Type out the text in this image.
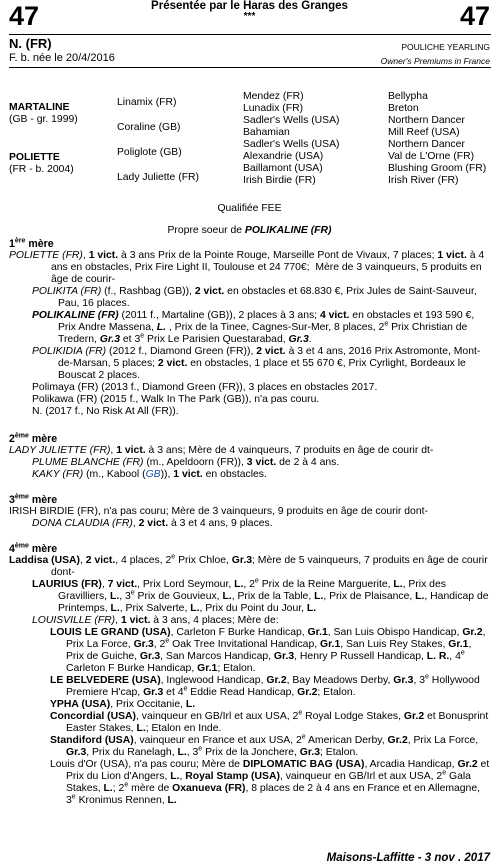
47	47
Présentée par le Haras des Granges
***
N. (FR)
F. b. née le 20/4/2016
POULICHE YEARLING
Owner's Premiums in France
MARTALINE
(GB - gr. 1999)
POLIETTE
(FR - b. 2004)
Linamix (FR)
Coraline (GB)
Poliglote (GB)
Lady Juliette (FR)
Mendez (FR)
Lunadix (FR)
Sadler's Wells (USA)
Bahamian
Sadler's Wells (USA)
Alexandrie (USA)
Baillamont (USA)
Irish Birdie (FR)
Bellypha
Breton
Northern Dancer
Mill Reef (USA)
Northern Dancer
Val de L'Orne (FR)
Blushing Groom (FR)
Irish River (FR)
Qualifiée FEE
Propre soeur de POLIKALINE (FR)

1ère mère

POLIETTE (FR), 1 vict. à 3 ans Prix de la Pointe Rouge, Marseille Pont de Vivaux, 7 places; 1 vict. à 4 ans en obstacles, Prix Fire Light II, Toulouse et 24 770€;  Mère de 3 vainqueurs, 5 produits en âge de courir-

POLIKITA (FR) (f., Rashbag (GB)), 2 vict. en obstacles et 68.830 €, Prix Jules de Saint-Sauveur, Pau, 16 places.

POLIKALINE (FR) (2011 f., Martaline (GB)), 2 places à 3 ans; 4 vict. en obstacles et 193 590 €, Prix Andre Massena, L. , Prix de la Tinee, Cagnes-Sur-Mer, 8 places, 2e Prix Christian de Tredern, Gr.3 et 3e Prix Le Parisien Questarabad, Gr.3.

POLIKIDIA (FR) (2012 f., Diamond Green (FR)), 2 vict. à 3 et 4 ans, 2016 Prix Astromonte, Mont-de-Marsan, 5 places; 2 vict. en obstacles, 1 place et 55 670 €, Prix Cyrlight, Bordeaux le Bouscat 2 places.

Polimaya (FR) (2013 f., Diamond Green (FR)), 3 places en obstacles 2017.

Polikawa (FR) (2015 f., Walk In The Park (GB)), n'a pas couru.

N. (2017 f., No Risk At All (FR)).

2ème mère

LADY JULIETTE (FR), 1 vict. à 3 ans; Mère de 4 vainqueurs, 7 produits en âge de courir dt-

PLUME BLANCHE (FR) (m., Apeldoorn (FR)), 3 vict. de 2 à 4 ans.

KAKY (FR) (m., Kabool (GB)), 1 vict. en obstacles.

3ème mère

IRISH BIRDIE (FR), n'a pas couru; Mère de 3 vainqueurs, 9 produits en âge de courir dont-

DONA CLAUDIA (FR), 2 vict. à 3 et 4 ans, 9 places.

4ème mère

Laddisa (USA), 2 vict., 4 places, 2e Prix Chloe, Gr.3; Mère de 5 vainqueurs, 7 produits en âge de courir dont-

LAURIUS (FR), 7 vict., Prix Lord Seymour, L., 2e Prix de la Reine Marguerite, L., Prix des Gravilliers, L., 3e Prix de Gouvieux, L., Prix de la Table, L., Prix de Plaisance, L., Handicap de Printemps, L., Prix Salverte, L., Prix du Point du Jour, L.

LOUISVILLE (FR), 1 vict. à 3 ans, 4 places; Mère de:

LOUIS LE GRAND (USA), Carleton F Burke Handicap, Gr.1, San Luis Obispo Handicap, Gr.2, Prix La Force, Gr.3, 2e Oak Tree Invitational Handicap, Gr.1, San Luis Rey Stakes, Gr.1, Prix de Guiche, Gr.3, San Marcos Handicap, Gr.3, Henry P Russell Handicap, L. R., 4e Carleton F Burke Handicap, Gr.1; Etalon.

LE BELVEDERE (USA), Inglewood Handicap, Gr.2, Bay Meadows Derby, Gr.3, 3e Hollywood Premiere H'cap, Gr.3 et 4e Eddie Read Handicap, Gr.2; Etalon.

YPHA (USA), Prix Occitanie, L.

Concordial (USA), vainqueur en GB/Irl et aux USA, 2e Royal Lodge Stakes, Gr.2 et Bonusprint Easter Stakes, L.; Etalon en Inde.

Standiford (USA), vainqueur en France et aux USA, 2e American Derby, Gr.2, Prix La Force, Gr.3, Prix du Ranelagh, L., 3e Prix de la Jonchere, Gr.3; Etalon.

Louis d'Or (USA), n'a pas couru; Mère de DIPLOMATIC BAG (USA), Arcadia Handicap, Gr.2 et Prix du Lion d'Angers, L., Royal Stamp (USA), vainqueur en GB/Irl et aux USA, 2e Gala Stakes, L.; 2e mère de Oxanueva (FR), 8 places de 2 à 4 ans en France et en Allemagne, 3e Kronimus Rennen, L.

Maisons-Laffitte - 3 nov . 2017
